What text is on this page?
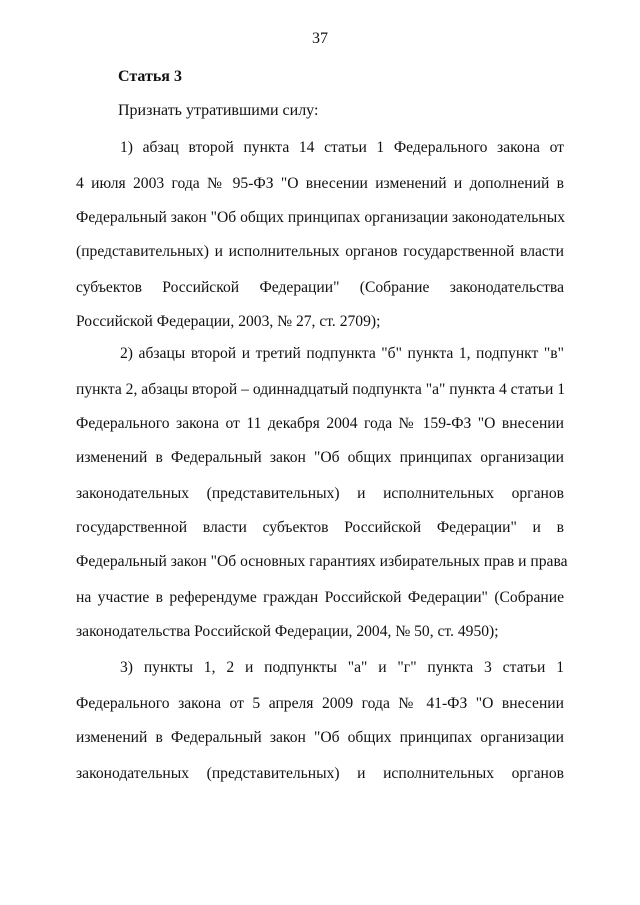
37
Статья 3
Признать утратившими силу:
1) абзац второй пункта 14 статьи 1 Федерального закона от
4 июля 2003 года № 95-ФЗ "О внесении изменений и дополнений в
Федеральный закон "Об общих принципах организации законодательных
(представительных) и исполнительных органов государственной власти
субъектов Российской Федерации" (Собрание законодательства
Российской Федерации, 2003, № 27, ст. 2709);
2) абзацы второй и третий подпункта "б" пункта 1, подпункт "в"
пункта 2, абзацы второй – одиннадцатый подпункта "а" пункта 4 статьи 1
Федерального закона от 11 декабря 2004 года № 159-ФЗ "О внесении
изменений в Федеральный закон "Об общих принципах организации
законодательных (представительных) и исполнительных органов
государственной власти субъектов Российской Федерации" и в
Федеральный закон "Об основных гарантиях избирательных прав и права
на участие в референдуме граждан Российской Федерации" (Собрание
законодательства Российской Федерации, 2004, № 50, ст. 4950);
3) пункты 1, 2 и подпункты "а" и "г" пункта 3 статьи 1
Федерального закона от 5 апреля 2009 года № 41-ФЗ "О внесении
изменений в Федеральный закон "Об общих принципах организации
законодательных (представительных) и исполнительных органов
